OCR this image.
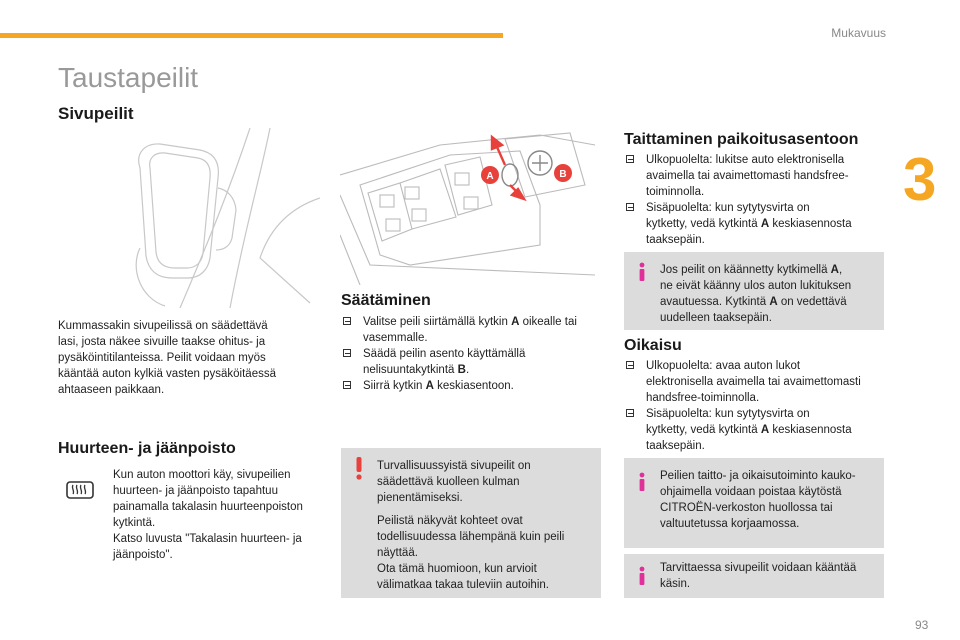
Mukavuus
3
93
Taustapeilit
Sivupeilit
Kummassakin sivupeilissä on säädettävä
lasi, josta näkee sivuille taakse ohitus- ja
pysäköintitilanteissa. Peilit voidaan myös
kääntää auton kylkiä vasten pysäköitäessä
ahtaaseen paikkaan.
Huurteen- ja jäänpoisto
Kun auton moottori käy, sivupeilien
huurteen- ja jäänpoisto tapahtuu
painamalla takalasin huurteenpoiston
kytkintä.
Katso luvusta "Takalasin huurteen- ja
jäänpoisto".
A	B
Säätäminen
Valitse peili siirtämällä kytkin A oikealle tai
vasemmalle.
Säädä peilin asento käyttämällä
nelisuuntakytkintä B.
Siirrä kytkin A keskiasentoon.

Turvallisuussyistä sivupeilit on
säädettävä kuolleen kulman
pienentämiseksi.

Peilistä näkyvät kohteet ovat
todellisuudessa lähempänä kuin peili
näyttää.
Ota tämä huomioon, kun arvioit
välimatkaa takaa tuleviin autoihin.

Taittaminen paikoitusasentoon
Ulkopuolelta: lukitse auto elektronisella
avaimella tai avaimettomasti handsfree-
toiminnolla.
Sisäpuolelta: kun sytytysvirta on
kytketty, vedä kytkintä A keskiasennosta
taaksepäin.
Jos peilit on käännetty kytkimellä A,
ne eivät käänny ulos auton lukituksen
avautuessa. Kytkintä A on vedettävä
uudelleen taaksepäin.
Oikaisu
Ulkopuolelta: avaa auton lukot
elektronisella avaimella tai avaimettomasti
handsfree-toiminnolla.
Sisäpuolelta: kun sytytysvirta on
kytketty, vedä kytkintä A keskiasennosta
taaksepäin.
Peilien taitto- ja oikaisutoiminto kauko-
ohjaimella voidaan poistaa käytöstä
CITROËN-verkoston huollossa tai
valtuutetussa korjaamossa.
Tarvittaessa sivupeilit voidaan kääntää
käsin.
